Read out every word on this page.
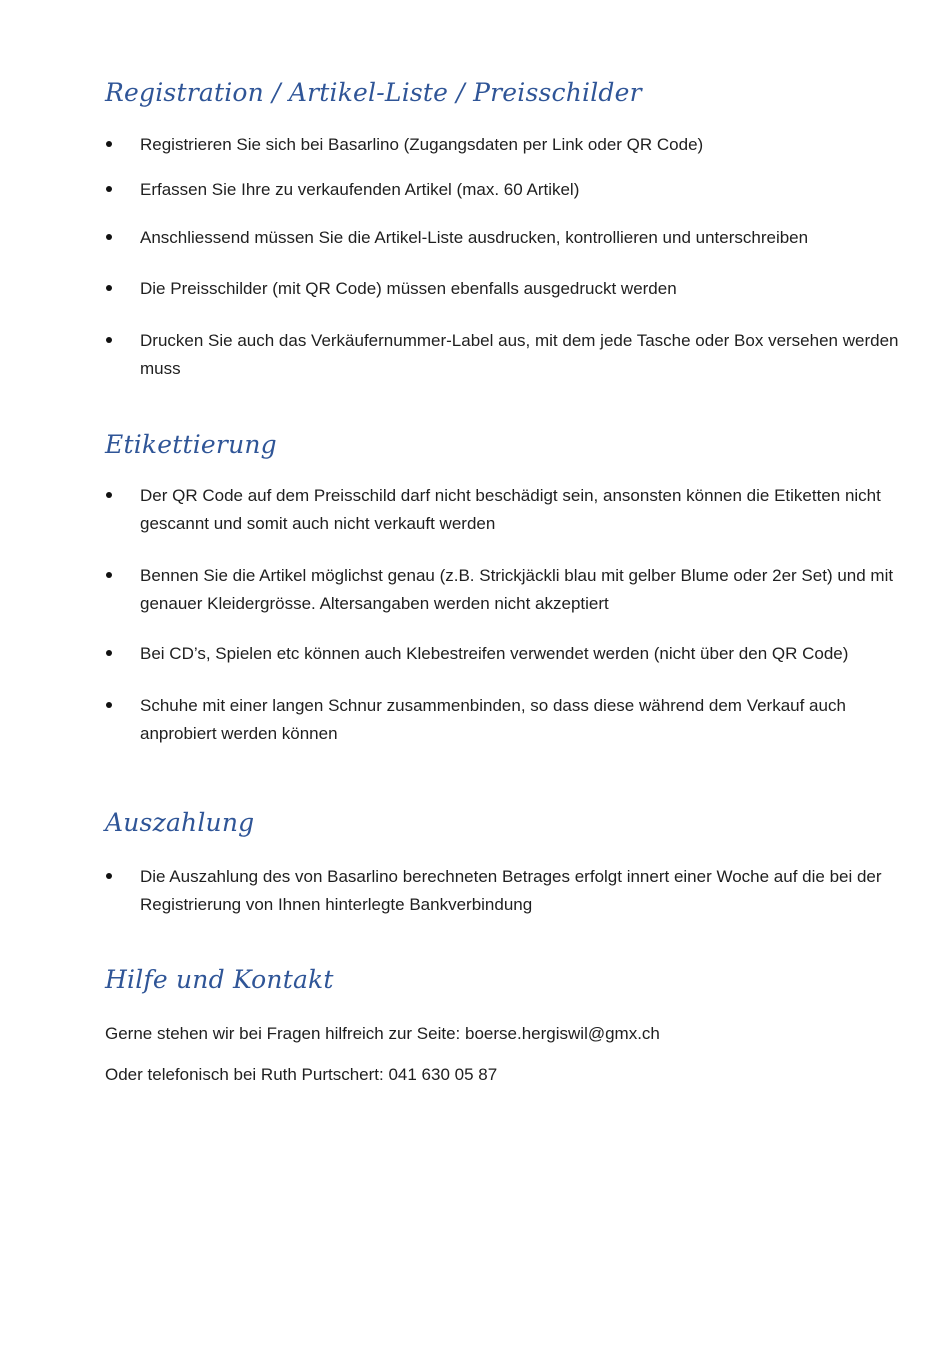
Registration / Artikel-Liste / Preisschilder
Registrieren Sie sich bei Basarlino (Zugangsdaten per Link oder QR Code)
Erfassen Sie Ihre zu verkaufenden Artikel (max. 60 Artikel)
Anschliessend müssen Sie die Artikel-Liste ausdrucken, kontrollieren und unterschreiben
Die Preisschilder (mit QR Code) müssen ebenfalls ausgedruckt werden
Drucken Sie auch das Verkäufernummer-Label aus, mit dem jede Tasche oder Box versehen werden muss
Etikettierung
Der QR Code auf dem Preisschild darf nicht beschädigt sein, ansonsten können die Etiketten nicht gescannt und somit auch nicht verkauft werden
Bennen Sie die Artikel möglichst genau (z.B. Strickjäckli blau mit gelber Blume oder 2er Set) und mit genauer Kleidergrösse. Altersangaben werden nicht akzeptiert
Bei CD’s, Spielen etc können auch Klebestreifen verwendet werden (nicht über den QR Code)
Schuhe mit einer langen Schnur zusammenbinden, so dass diese während dem Verkauf auch anprobiert werden können
Auszahlung
Die Auszahlung des von Basarlino berechneten Betrages erfolgt innert einer Woche auf die bei der Registrierung von Ihnen hinterlegte Bankverbindung
Hilfe und Kontakt
Gerne stehen wir bei Fragen hilfreich zur Seite: boerse.hergiswil@gmx.ch
Oder telefonisch bei Ruth Purtschert: 041 630 05 87
